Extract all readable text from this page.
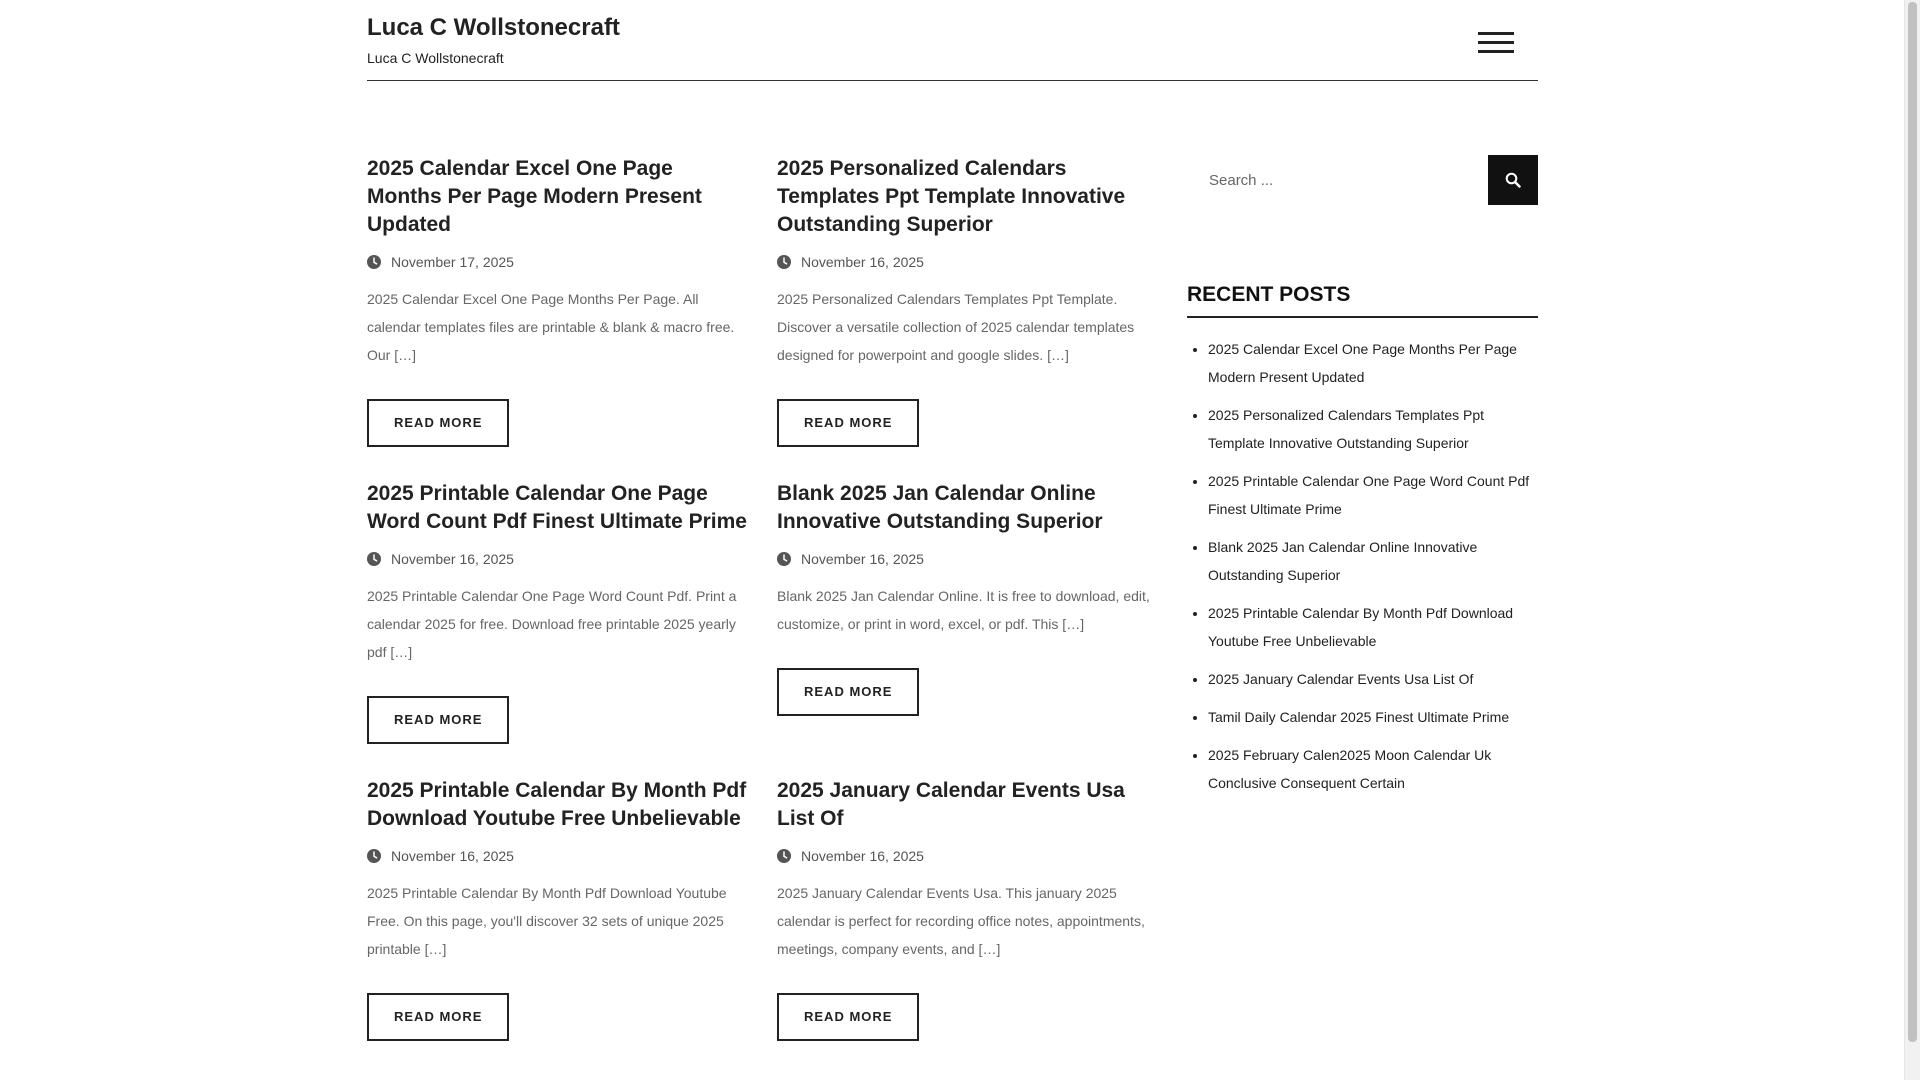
Luca C Wollstonecraft
Luca C Wollstonecraft
2025 Calendar Excel One Page Months Per Page Modern Present Updated
November 17, 2025

2025 Calendar Excel One Page Months Per Page. All calendar templates files are printable & blank & macro free. Our […]

READ MORE
2025 Personalized Calendars Templates Ppt Template Innovative Outstanding Superior
November 16, 2025

2025 Personalized Calendars Templates Ppt Template. Discover a versatile collection of 2025 calendar templates designed for powerpoint and google slides. […]

READ MORE
2025 Printable Calendar One Page Word Count Pdf Finest Ultimate Prime
November 16, 2025

2025 Printable Calendar One Page Word Count Pdf. Print a calendar 2025 for free. Download free printable 2025 yearly pdf […]

READ MORE
Blank 2025 Jan Calendar Online Innovative Outstanding Superior
November 16, 2025

Blank 2025 Jan Calendar Online. It is free to download, edit, customize, or print in word, excel, or pdf. This […]

READ MORE
2025 Printable Calendar By Month Pdf Download Youtube Free Unbelievable
November 16, 2025

2025 Printable Calendar By Month Pdf Download Youtube Free. On this page, you'll discover 32 sets of unique 2025 printable […]

READ MORE
2025 January Calendar Events Usa List Of
November 16, 2025

2025 January Calendar Events Usa. This january 2025 calendar is perfect for recording office notes, appointments, meetings, company events, and […]

READ MORE
Search ...
RECENT POSTS
• 2025 Calendar Excel One Page Months Per Page Modern Present Updated
• 2025 Personalized Calendars Templates Ppt Template Innovative Outstanding Superior
• 2025 Printable Calendar One Page Word Count Pdf Finest Ultimate Prime
• Blank 2025 Jan Calendar Online Innovative Outstanding Superior
• 2025 Printable Calendar By Month Pdf Download Youtube Free Unbelievable
• 2025 January Calendar Events Usa List Of
• Tamil Daily Calendar 2025 Finest Ultimate Prime
• 2025 February Calen2025 Moon Calendar Uk Conclusive Consequent Certain
